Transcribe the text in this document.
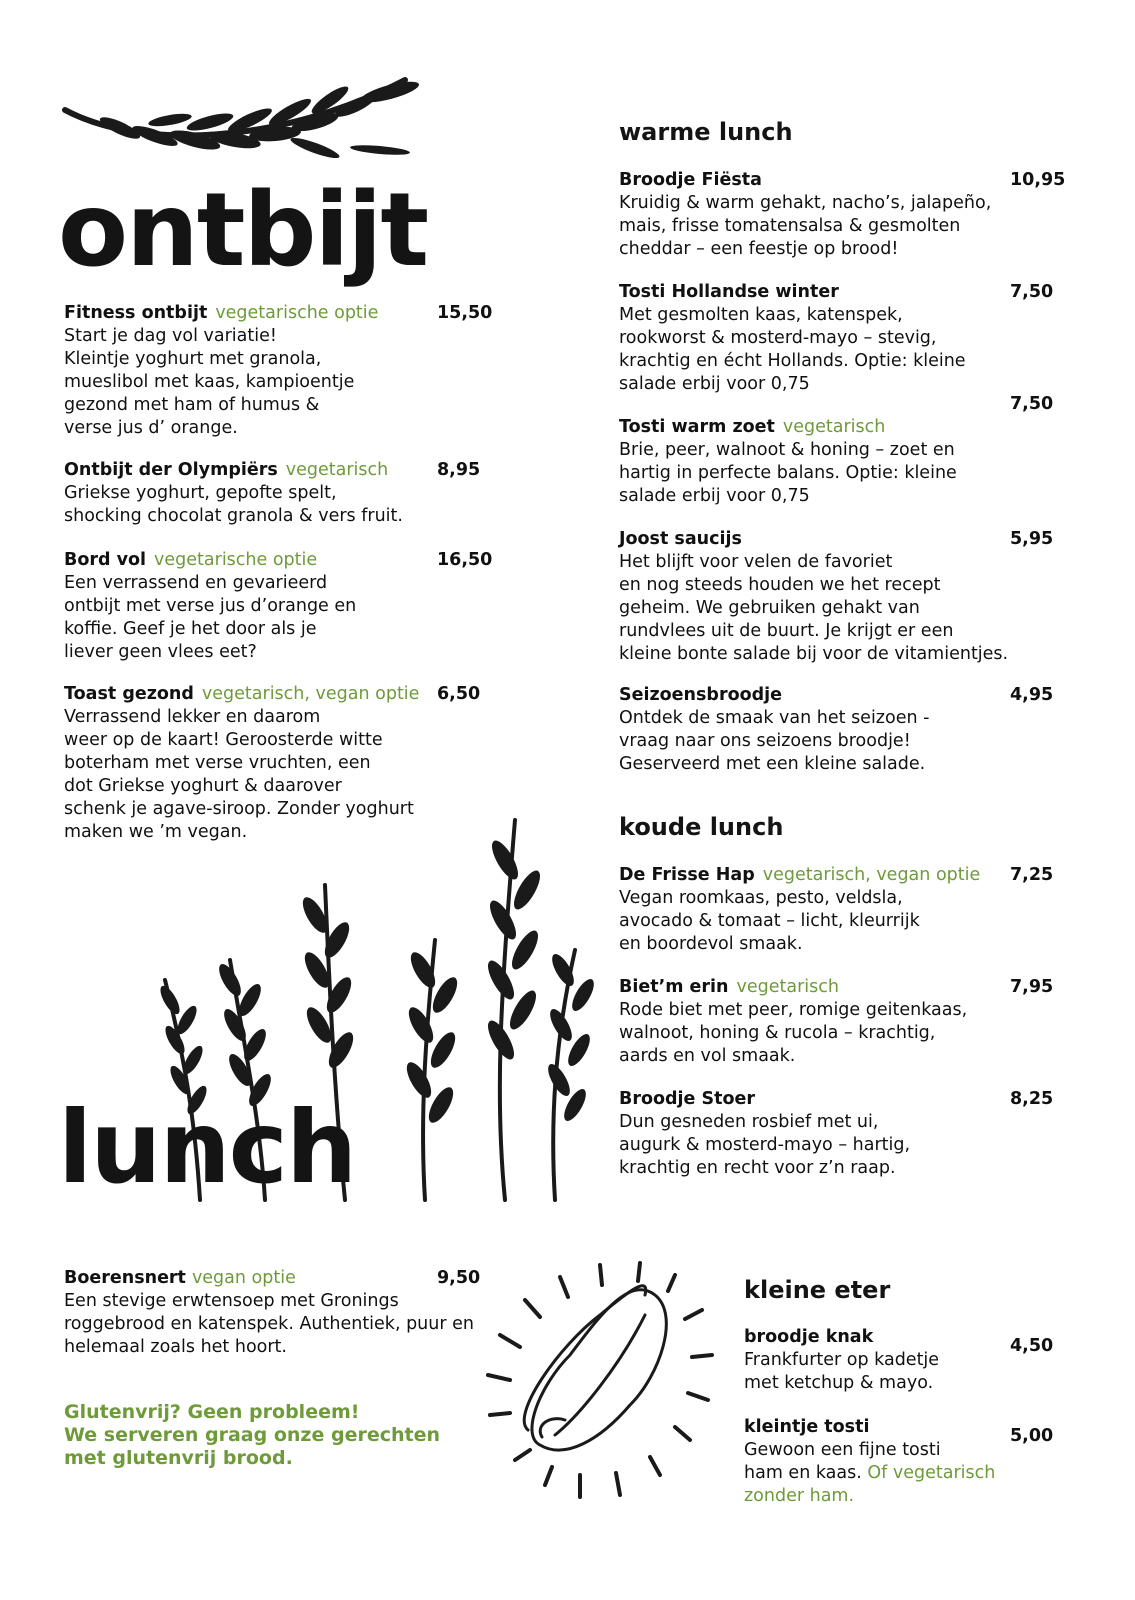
ontbijt
lunch
Fitness ontbijt vegetarische optie
Start je dag vol variatie!
Kleintje yoghurt met granola,
mueslibol met kaas, kampioentje
gezond met ham of humus &
verse jus d’ orange.
15,50
Ontbijt der Olympiërs vegetarisch
Griekse yoghurt, gepofte spelt,
shocking chocolat granola & vers fruit.
8,95
Bord vol vegetarische optie
Een verrassend en gevarieerd
ontbijt met verse jus d’orange en
koffie. Geef je het door als je
liever geen vlees eet?
16,50
Toast gezond vegetarisch, vegan optie
Verrassend lekker en daarom
weer op de kaart! Geroosterde witte
boterham met verse vruchten, een
dot Griekse yoghurt & daarover
schenk je agave-siroop. Zonder yoghurt
maken we ’m vegan.
6,50
Boerensnert vegan optie
Een stevige erwtensoep met Gronings
roggebrood en katenspek. Authentiek, puur en
helemaal zoals het hoort.
9,50
Glutenvrij? Geen probleem!
We serveren graag onze gerechten
met glutenvrij brood.
warme lunch
Broodje Fiësta
Kruidig & warm gehakt, nacho’s, jalapeño,
mais, frisse tomatensalsa & gesmolten
cheddar – een feestje op brood!
10,95
Tosti Hollandse winter
Met gesmolten kaas, katenspek,
rookworst & mosterd-mayo – stevig,
krachtig en écht Hollands. Optie: kleine
salade erbij voor 0,75
7,50
7,50
Tosti warm zoet vegetarisch
Brie, peer, walnoot & honing – zoet en
hartig in perfecte balans. Optie: kleine
salade erbij voor 0,75
Joost saucijs
Het blijft voor velen de favoriet
en nog steeds houden we het recept
geheim. We gebruiken gehakt van
rundvlees uit de buurt. Je krijgt er een
kleine bonte salade bij voor de vitamientjes.
5,95
Seizoensbroodje
Ontdek de smaak van het seizoen -
vraag naar ons seizoens broodje!
Geserveerd met een kleine salade.
4,95
koude lunch
De Frisse Hap vegetarisch, vegan optie
Vegan roomkaas, pesto, veldsla,
avocado & tomaat – licht, kleurrijk
en boordevol smaak.
7,25
Biet’m erin vegetarisch
Rode biet met peer, romige geitenkaas,
walnoot, honing & rucola – krachtig,
aards en vol smaak.
7,95
Broodje Stoer
Dun gesneden rosbief met ui,
augurk & mosterd-mayo – hartig,
krachtig en recht voor z’n raap.
8,25
kleine eter
broodje knak
Frankfurter op kadetje
met ketchup & mayo.
4,50
kleintje tosti
Gewoon een fijne tosti
ham en kaas. Of vegetarisch
zonder ham.
5,00
